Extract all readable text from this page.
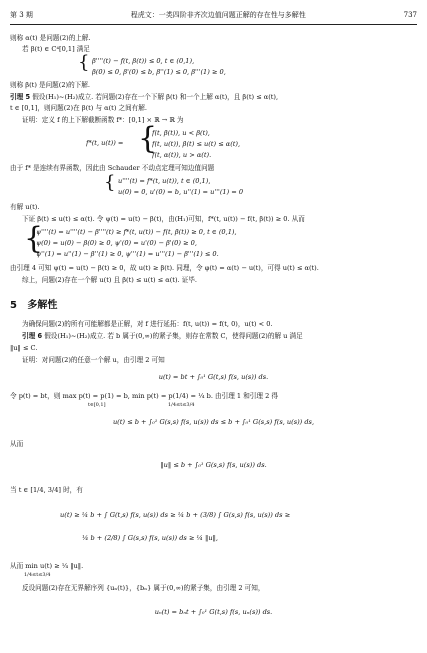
第 3 期	程虎文：一类四阶非齐次边值问题正解的存在性与多解性	737
则称 α(t) 是问题(2)的上解.
若 β(t) ∈ C⁴[0,1] 满足
{ β''''(t) − f(t, β(t)) ≤ 0, t ∈ (0,1),
β(0) ≤ 0, β'(0) ≤ b, β''(1) ≤ 0, β'''(1) ≥ 0,
则称 β(t) 是问题(2)的下解.
引理 5 假设(H₁)~(H₂)成立. 若问题(2)存在一个下解 β(t) 和一个上解 α(t)，且 β(t) ≤ α(t),
t ∈ [0,1]，则问题(2)在 β(t) 与 α(t) 之间有解.
证明：定义 f 的上下解截断函数 f*：[0,1] × ℝ → ℝ 为
f*(t, u(t)) = {
f(t, β(t)), u < β(t),
f(t, u(t)), β(t) ≤ u(t) ≤ α(t),
f(t, α(t)), u > α(t).
由于 f* 是连续有界函数，因此由 Schauder 不动点定理可知边值问题
{ u''''(t) = f*(t, u(t)), t ∈ (0,1),
u(0) = 0, u'(0) = b, u''(1) = u'''(1) = 0
有解 u(t).
下证 β(t) ≤ u(t) ≤ α(t). 令 ψ(t) = u(t) − β(t)，由(H₁)可知，f*(t, u(t)) − f(t, β(t)) ≥ 0. 从而
{
ψ''''(t) = u''''(t) − β''''(t) ≥ f*(t, u(t)) − f(t, β(t)) ≥ 0, t ∈ (0,1),
ψ(0) = u(0) − β(0) ≥ 0, ψ'(0) = u'(0) − β'(0) ≥ 0,
ψ''(1) = u''(1) − β''(1) ≥ 0, ψ'''(1) = u'''(1) − β'''(1) ≤ 0.
由引理 4 可知 ψ(t) = u(t) − β(t) ≥ 0，故 u(t) ≥ β(t). 同理，令 φ(t) = α(t) − u(t)，可得 u(t) ≤ α(t).
综上，问题(2)存在一个解 u(t) 且 β(t) ≤ u(t) ≤ α(t). 证毕.
5 多解性
为确保问题(2)的所有可能解都是正解，对 f 进行延拓：f(t, u(t)) = f(t, 0)，u(t) < 0.
引理 6 假设(H₁)~(H₂)成立. 若 b 属于(0,∞)的紧子集，则存在常数 C，使得问题(2)的解 u 满足
‖u‖ ≤ C.
证明：对问题(2)的任意一个解 u，由引理 2 可知
u(t) = bt + ∫₀¹ G(t,s) f(s, u(s)) ds.
令 p(t) = bt，则 max p(t) = p(1) = b, min p(t) = p(1/4) = ¼ b. 由引理 1 和引理 2 得
t∈[0,1]	1/4≤t≤3/4
u(t) ≤ b + ∫₀¹ G(s,s) f(s, u(s)) ds ≤ b + ∫₀¹ G(s,s) f(s, u(s)) ds,
从而
‖u‖ ≤ b + ∫₀¹ G(s,s) f(s, u(s)) ds.
当 t ∈ [1/4, 3/4] 时，有
u(t) ≥ ¼ b + ∫ G(t,s) f(s, u(s)) ds ≥ ¼ b + (3/8) ∫ G(s,s) f(s, u(s)) ds ≥
¼ b + (2/8) ∫ G(s,s) f(s, u(s)) ds ≥ ¼ ‖u‖,
从而 min u(t) ≥ ¼ ‖u‖.
1/4≤t≤3/4
反设问题(2)存在无界解序列 {uₙ(t)}，{bₙ} 属于(0,∞)的紧子集，由引理 2 可知，
uₙ(t) = bₙt + ∫₀¹ G(t,s) f(s, uₙ(s)) ds.
